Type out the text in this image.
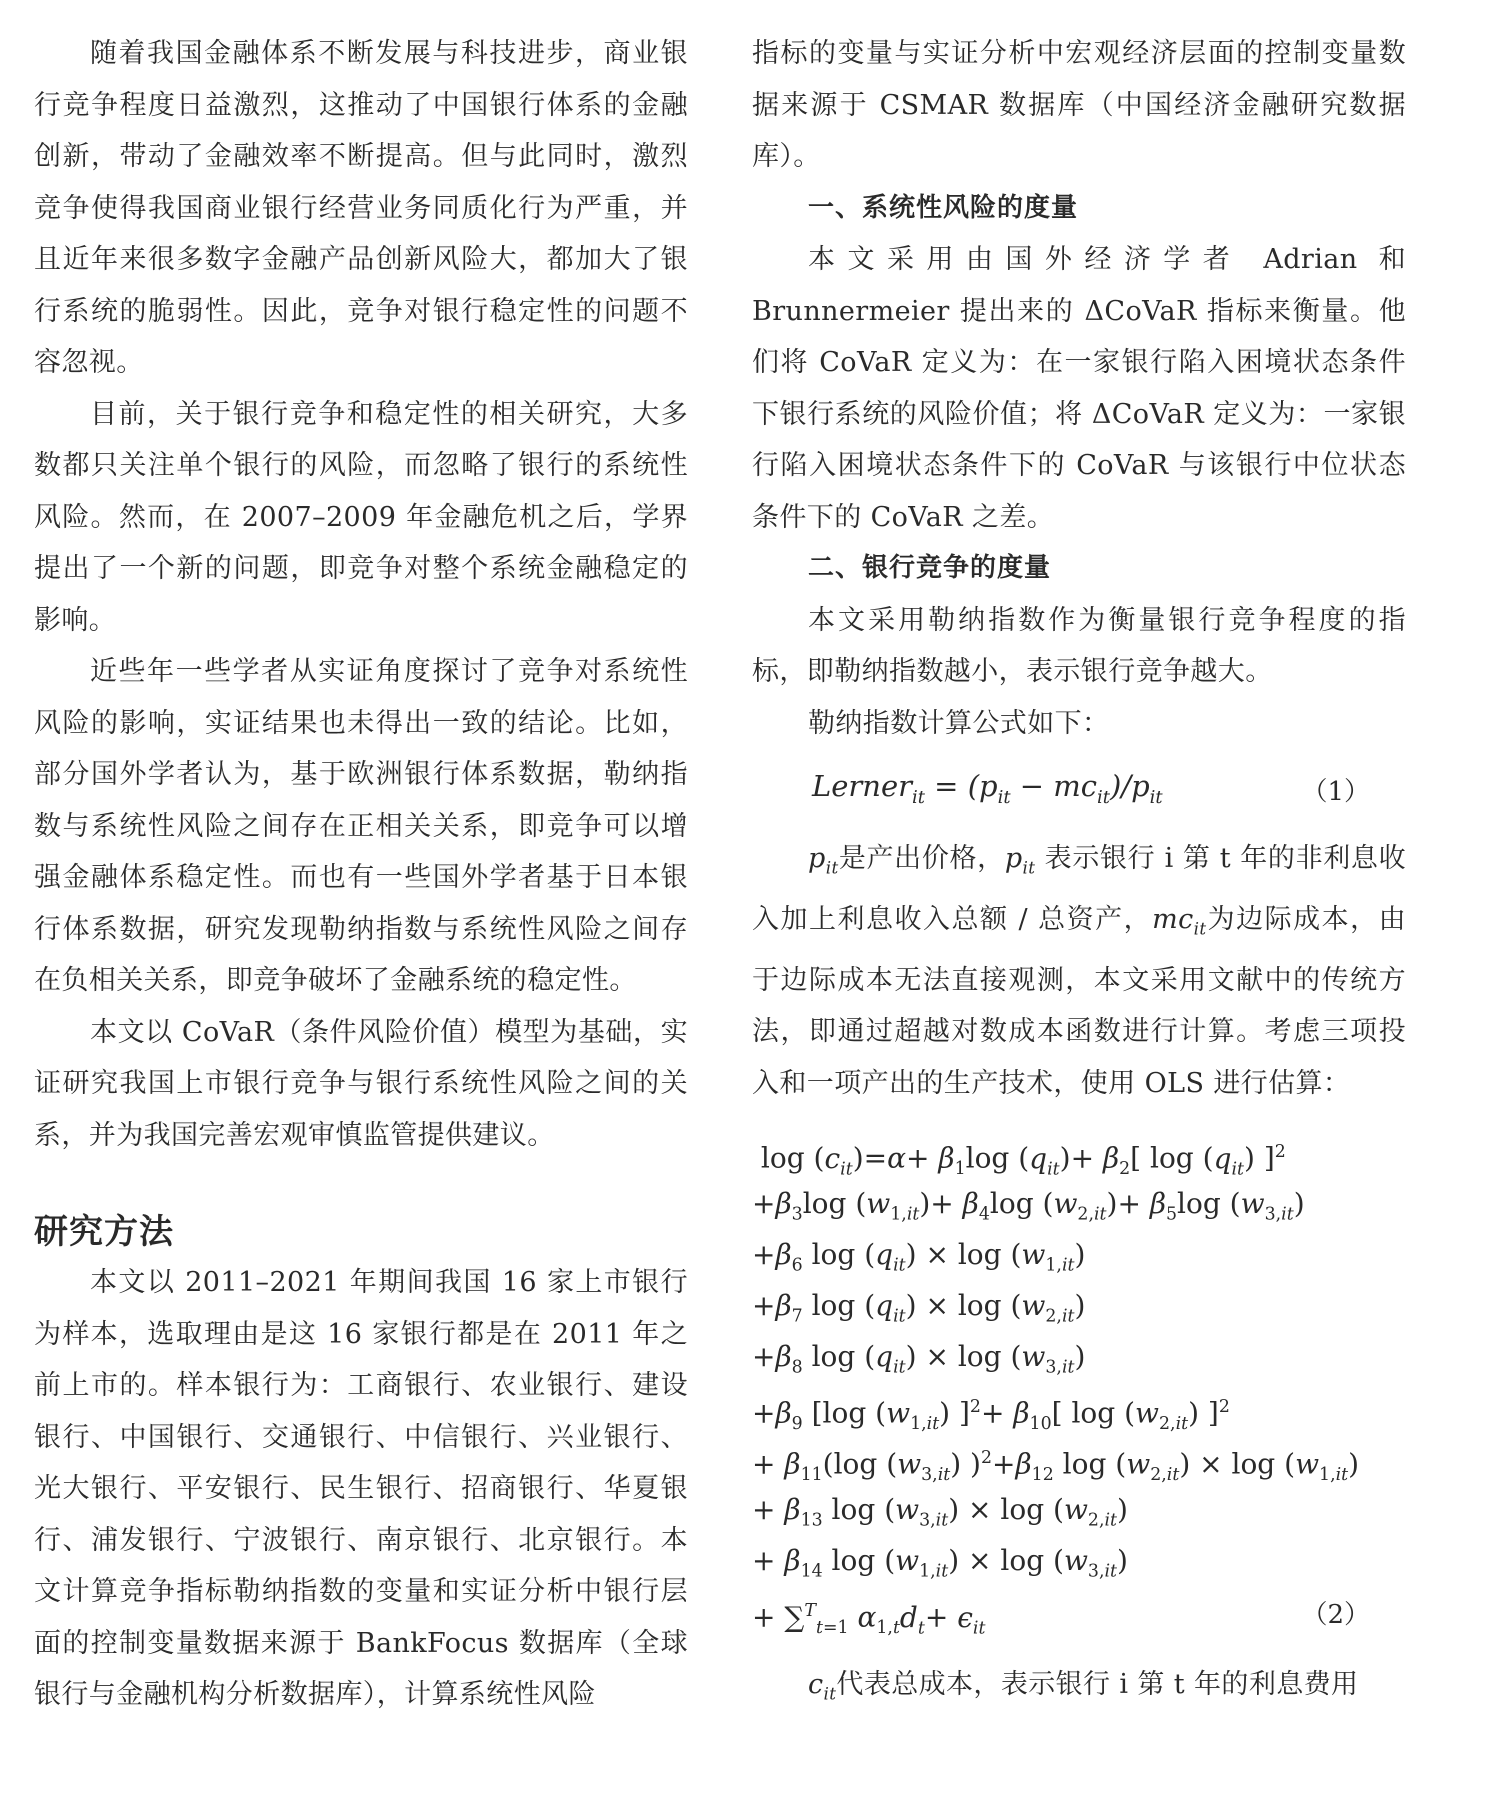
随着我国金融体系不断发展与科技进步，商业银行竞争程度日益激烈，这推动了中国银行体系的金融创新，带动了金融效率不断提高。但与此同时，激烈竞争使得我国商业银行经营业务同质化行为严重，并且近年来很多数字金融产品创新风险大，都加大了银行系统的脆弱性。因此，竞争对银行稳定性的问题不容忽视。

目前，关于银行竞争和稳定性的相关研究，大多数都只关注单个银行的风险，而忽略了银行的系统性风险。然而，在 2007–2009 年金融危机之后，学界提出了一个新的问题，即竞争对整个系统金融稳定的影响。

近些年一些学者从实证角度探讨了竞争对系统性风险的影响，实证结果也未得出一致的结论。比如，部分国外学者认为，基于欧洲银行体系数据，勒纳指数与系统性风险之间存在正相关关系，即竞争可以增强金融体系稳定性。而也有一些国外学者基于日本银行体系数据，研究发现勒纳指数与系统性风险之间存在负相关关系，即竞争破坏了金融系统的稳定性。

本文以 CoVaR（条件风险价值）模型为基础，实证研究我国上市银行竞争与银行系统性风险之间的关系，并为我国完善宏观审慎监管提供建议。

研究方法

本文以 2011–2021 年期间我国 16 家上市银行为样本，选取理由是这 16 家银行都是在 2011 年之前上市的。样本银行为：工商银行、农业银行、建设银行、中国银行、交通银行、中信银行、兴业银行、光大银行、平安银行、民生银行、招商银行、华夏银行、浦发银行、宁波银行、南京银行、北京银行。本文计算竞争指标勒纳指数的变量和实证分析中银行层面的控制变量数据来源于 BankFocus 数据库（全球银行与金融机构分析数据库），计算系统性风险

指标的变量与实证分析中宏观经济层面的控制变量数据来源于 CSMAR 数据库（中国经济金融研究数据库）。

一、系统性风险的度量

本文采用由国外经济学者 Adrian 和 Brunnermeier 提出来的 ΔCoVaR 指标来衡量。他们将 CoVaR 定义为：在一家银行陷入困境状态条件下银行系统的风险价值；将 ΔCoVaR 定义为：一家银行陷入困境状态条件下的 CoVaR 与该银行中位状态条件下的 CoVaR 之差。

二、银行竞争的度量

本文采用勒纳指数作为衡量银行竞争程度的指标，即勒纳指数越小，表示银行竞争越大。

勒纳指数计算公式如下：

Lerner$_{it}$ = $(p_{it} - mc_{it})/p_{it}$	（1）

$p_{it}$是产出价格，$p_{it}$ 表示银行 i 第 t 年的非利息收入加上利息收入总额 / 总资产，$mc_{it}$为边际成本，由于边际成本无法直接观测，本文采用文献中的传统方法，即通过超越对数成本函数进行计算。考虑三项投入和一项产出的生产技术，使用 OLS 进行估算：

$\log (c_{it})=\alpha+ \beta_1\log$ $(q_{it})+ \beta_2$[ $\log (q_{it})$ ]$^2$
$+\beta_3\log$ $(w_{1,it})+ \beta_4\log$ $(w_{2,it})+ \beta_5\log$ $(w_{3,it})$
$+\beta_6$ $\log (q_{it}) \times \log (w_{1,it})$
$+\beta_7$ $\log (q_{it}) \times \log (w_{2,it})$
$+\beta_8$ $\log (q_{it}) \times \log (w_{3,it})$
$+\beta_9$ [log $(w_{1,it})$ ]$^2+ \beta_{10}$[ $\log (w_{2,it})$ ]$^2$
+ $\beta_{11}(\log$ $(w_{3,it})$ )$^2+\beta_{12}$ $\log (w_{2,it}) \times \log (w_{1,it})$
+ $\beta_{13}$ $\log (w_{3,it}) \times \log (w_{2,it})$
+ $\beta_{14}$ $\log (w_{1,it}) \times \log (w_{3,it})$
+ ∑$^T_{t=1}$ $\alpha_{1,t}d_t+ \epsilon_{it}$	（2）

$c_{it}$代表总成本，表示银行 i 第 t 年的利息费用
